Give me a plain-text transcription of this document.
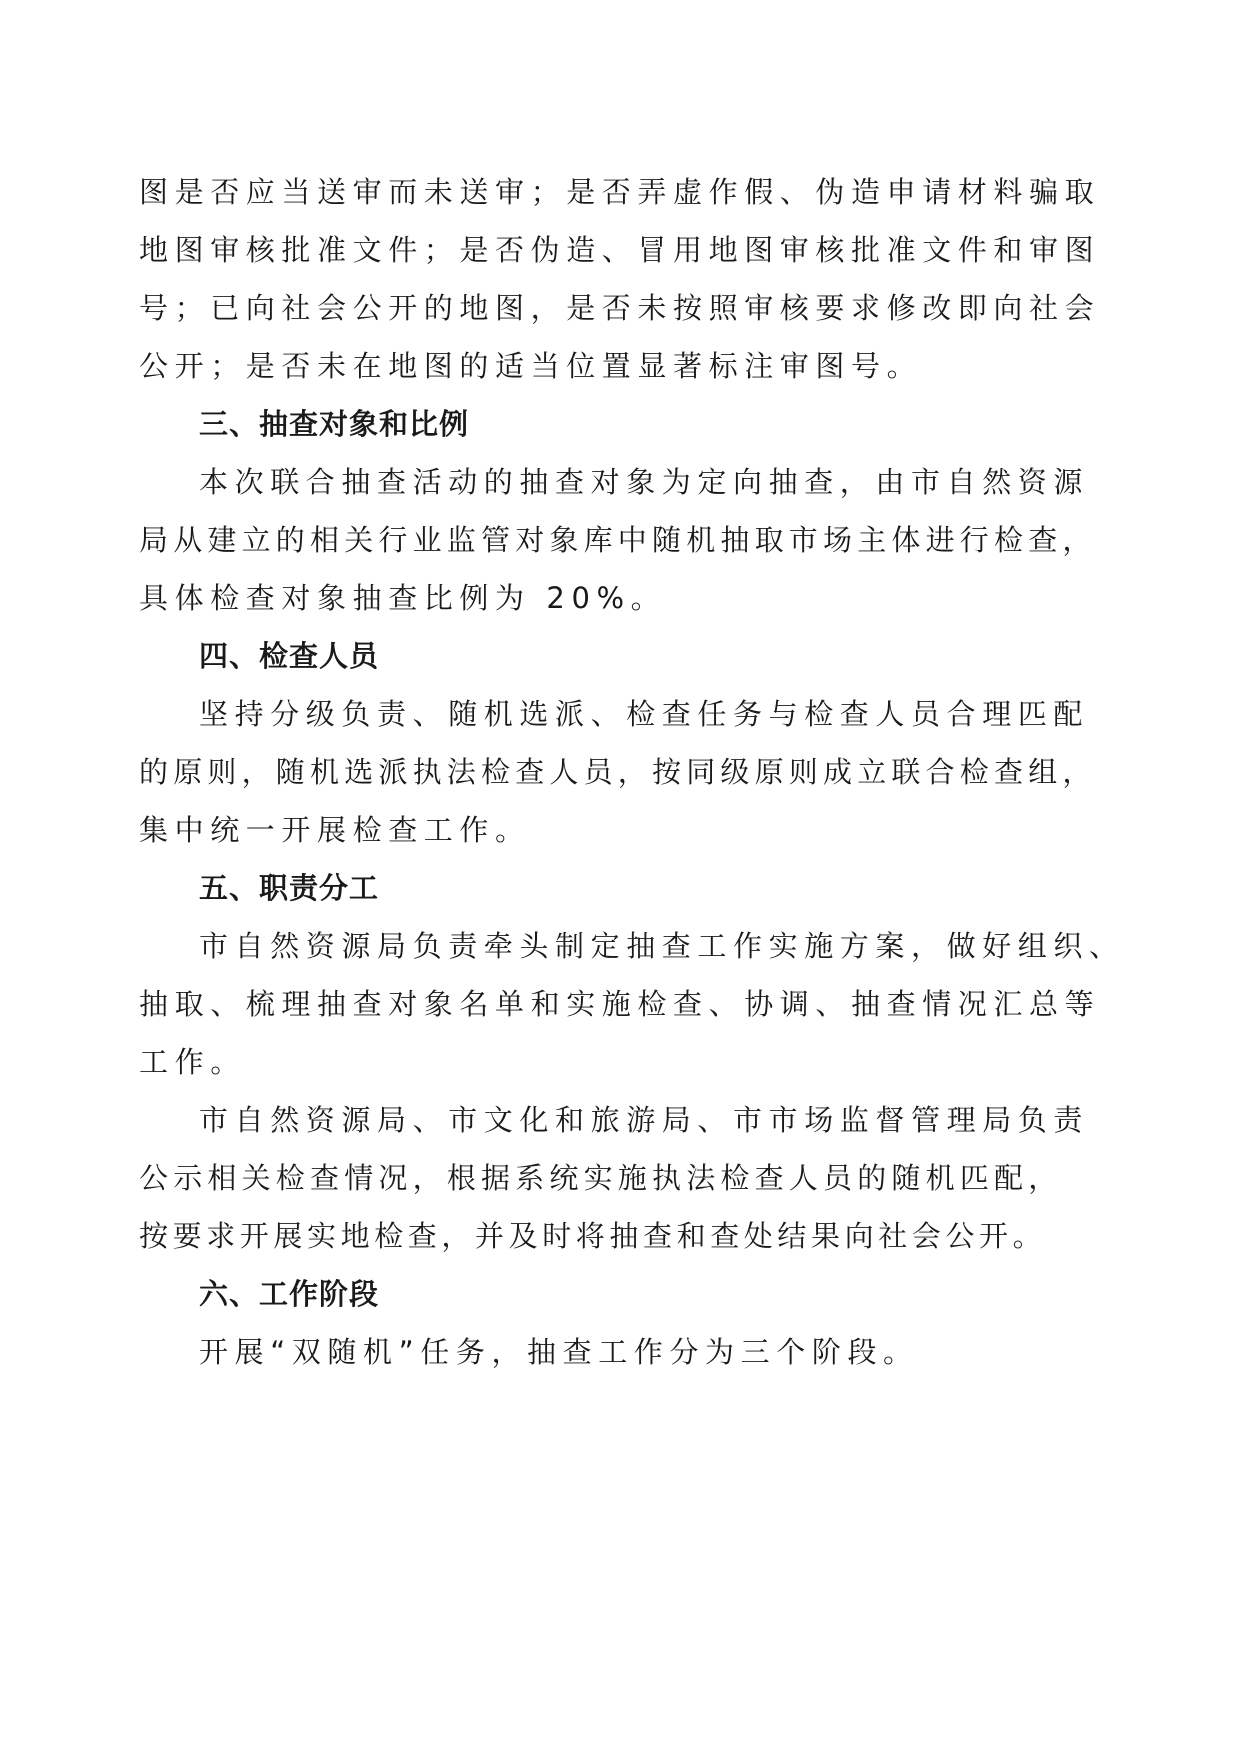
图是否应当送审而未送审；是否弄虚作假、伪造申请材料骗取
地图审核批准文件；是否伪造、冒用地图审核批准文件和审图
号；已向社会公开的地图，是否未按照审核要求修改即向社会
公开；是否未在地图的适当位置显著标注审图号。
三、抽查对象和比例
本次联合抽查活动的抽查对象为定向抽查，由市自然资源
局从建立的相关行业监管对象库中随机抽取市场主体进行检查，
具体检查对象抽查比例为 20%。
四、检查人员
坚持分级负责、随机选派、检查任务与检查人员合理匹配
的原则，随机选派执法检查人员，按同级原则成立联合检查组，
集中统一开展检查工作。
五、职责分工
市自然资源局负责牵头制定抽查工作实施方案，做好组织、
抽取、梳理抽查对象名单和实施检查、协调、抽查情况汇总等
工作。
市自然资源局、市文化和旅游局、市市场监督管理局负责
公示相关检查情况，根据系统实施执法检查人员的随机匹配，
按要求开展实地检查，并及时将抽查和查处结果向社会公开。
六、工作阶段
开展“双随机”任务，抽查工作分为三个阶段。
